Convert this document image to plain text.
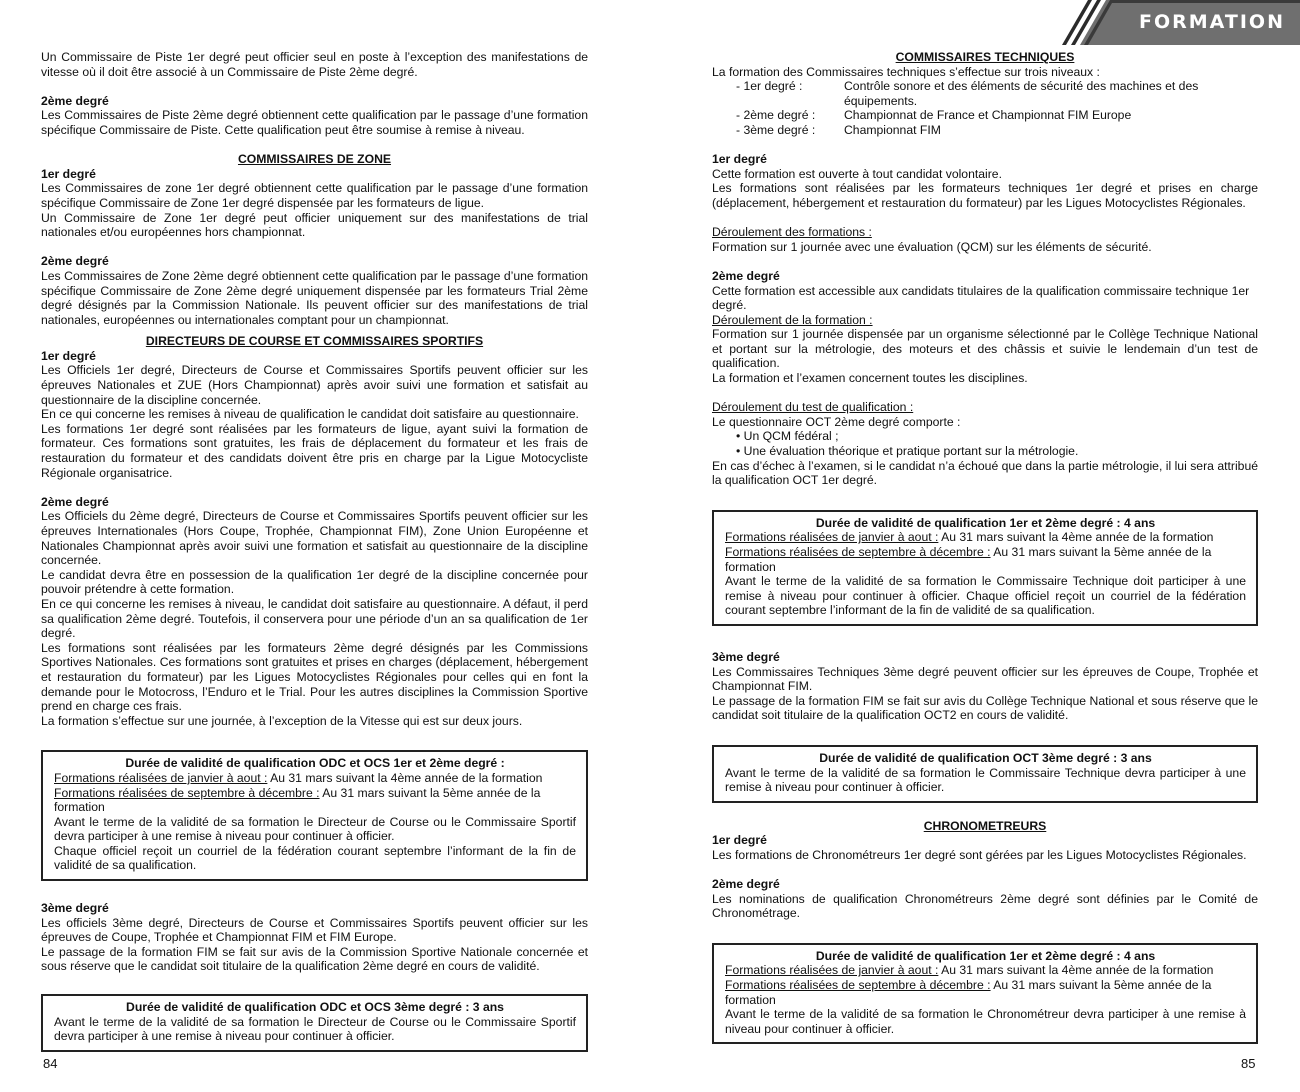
FORMATION

Un Commissaire de Piste 1er degré peut officier seul en poste à l’exception des manifestations de vitesse où il doit être associé à un Commissaire de Piste 2ème degré.

2ème degré

Les Commissaires de Piste 2ème degré obtiennent cette qualification par le passage d’une formation spécifique Commissaire de Piste. Cette qualification peut être soumise à remise à niveau.

COMMISSAIRES DE ZONE

1er degré

Les Commissaires de zone 1er degré obtiennent cette qualification par le passage d’une formation spécifique Commissaire de Zone 1er degré dispensée par les formateurs de ligue.

Un Commissaire de Zone 1er degré peut officier uniquement sur des manifestations de trial nationales et/ou européennes hors championnat.

2ème degré

Les Commissaires de Zone 2ème degré obtiennent cette qualification par le passage d’une formation spécifique Commissaire de Zone 2ème degré uniquement dispensée par les formateurs Trial 2ème degré désignés par la Commission Nationale. Ils peuvent officier sur des manifestations de trial nationales, européennes ou internationales comptant pour un championnat.

DIRECTEURS DE COURSE ET COMMISSAIRES SPORTIFS

1er degré

Les Officiels 1er degré, Directeurs de Course et Commissaires Sportifs peuvent officier sur les épreuves Nationales et ZUE (Hors Championnat) après avoir suivi une formation et satisfait au questionnaire de la discipline concernée.

En ce qui concerne les remises à niveau de qualification le candidat doit satisfaire au questionnaire.

Les formations 1er degré sont réalisées par les formateurs de ligue, ayant suivi la formation de formateur. Ces formations sont gratuites, les frais de déplacement du formateur et les frais de restauration du formateur et des candidats doivent être pris en charge par la Ligue Motocycliste Régionale organisatrice.

2ème degré

Les Officiels du 2ème degré, Directeurs de Course et Commissaires Sportifs peuvent officier sur les épreuves Internationales (Hors Coupe, Trophée, Championnat FIM), Zone Union Européenne et Nationales Championnat après avoir suivi une formation et satisfait au questionnaire de la discipline concernée.

Le candidat devra être en possession de la qualification 1er degré de la discipline concernée pour pouvoir prétendre à cette formation.

En ce qui concerne les remises à niveau, le candidat doit satisfaire au questionnaire. A défaut, il perd sa qualification 2ème degré. Toutefois, il conservera pour une période d’un an sa qualification de 1er degré.

Les formations sont réalisées par les formateurs 2ème degré désignés par les Commissions Sportives Nationales. Ces formations sont gratuites et prises en charges (déplacement, hébergement et restauration du formateur) par les Ligues Motocyclistes Régionales pour celles qui en font la demande pour le Motocross, l’Enduro et le Trial. Pour les autres disciplines la Commission Sportive prend en charge ces frais.

La formation s’effectue sur une journée, à l’exception de la Vitesse qui est sur deux jours.

Durée de validité de qualification ODC et OCS 1er et 2ème degré :

Formations réalisées de janvier à aout : Au 31 mars suivant la 4ème année de la formation

Formations réalisées de septembre à décembre : Au 31 mars suivant la 5ème année de la formation

Avant le terme de la validité de sa formation le Directeur de Course ou le Commissaire Sportif devra participer à une remise à niveau pour continuer à officier.

Chaque officiel reçoit un courriel de la fédération courant septembre l’informant de la fin de validité de sa qualification.

3ème degré

Les officiels 3ème degré, Directeurs de Course et Commissaires Sportifs peuvent officier sur les épreuves de Coupe, Trophée et Championnat FIM et FIM Europe.

Le passage de la formation FIM se fait sur avis de la Commission Sportive Nationale concernée et sous réserve que le candidat soit titulaire de la qualification 2ème degré en cours de validité.

Durée de validité de qualification ODC et OCS 3ème degré : 3 ans

Avant le terme de la validité de sa formation le Directeur de Course ou le Commissaire Sportif devra participer à une remise à niveau pour continuer à officier.

84

COMMISSAIRES TECHNIQUES

La formation des Commissaires techniques s’effectue sur trois niveaux :

- 1er degré :	Contrôle sonore et des éléments de sécurité des machines et des équipements.
- 2ème degré :	Championnat de France et Championnat FIM Europe
- 3ème degré :	Championnat FIM

1er degré

Cette formation est ouverte à tout candidat volontaire.

Les formations sont réalisées par les formateurs techniques 1er degré et prises en charge (déplacement, hébergement et restauration du formateur) par les Ligues Motocyclistes Régionales.

Déroulement des formations :

Formation sur 1 journée avec une évaluation (QCM) sur les éléments de sécurité.

2ème degré

Cette formation est accessible aux candidats titulaires de la qualification commissaire technique 1er degré.

Déroulement de la formation :

Formation sur 1 journée dispensée par un organisme sélectionné par le Collège Technique National et portant sur la métrologie, des moteurs et des châssis et suivie le lendemain d’un test de qualification.

La formation et l’examen concernent toutes les disciplines.

Déroulement du test de qualification :

Le questionnaire OCT 2ème degré comporte :

• Un QCM fédéral ;

• Une évaluation théorique et pratique portant sur la métrologie.

En cas d’échec à l’examen, si le candidat n’a échoué que dans la partie métrologie, il lui sera attribué la qualification OCT 1er degré.

Durée de validité de qualification 1er et 2ème degré : 4 ans

Formations réalisées de janvier à aout : Au 31 mars suivant la 4ème année de la formation

Formations réalisées de septembre à décembre : Au 31 mars suivant la 5ème année de la formation

Avant le terme de la validité de sa formation le Commissaire Technique doit participer à une remise à niveau pour continuer à officier. Chaque officiel reçoit un courriel de la fédération courant septembre l’informant de la fin de validité de sa qualification.

3ème degré

Les Commissaires Techniques 3ème degré peuvent officier sur les épreuves de Coupe, Trophée et Championnat FIM.

Le passage de la formation FIM se fait sur avis du Collège Technique National et sous réserve que le candidat soit titulaire de la qualification OCT2 en cours de validité.

Durée de validité de qualification OCT 3ème degré : 3 ans

Avant le terme de la validité de sa formation le Commissaire Technique devra participer à une remise à niveau pour continuer à officier.

CHRONOMETREURS

1er degré

Les formations de Chronométreurs 1er degré sont gérées par les Ligues Motocyclistes Régionales.

2ème degré

Les nominations de qualification Chronométreurs 2ème degré sont définies par le Comité de Chronométrage.

Durée de validité de qualification 1er et 2ème degré : 4 ans

Formations réalisées de janvier à aout : Au 31 mars suivant la 4ème année de la formation

Formations réalisées de septembre à décembre : Au 31 mars suivant la 5ème année de la formation

Avant le terme de la validité de sa formation le Chronométreur devra participer à une remise à niveau pour continuer à officier.

85
